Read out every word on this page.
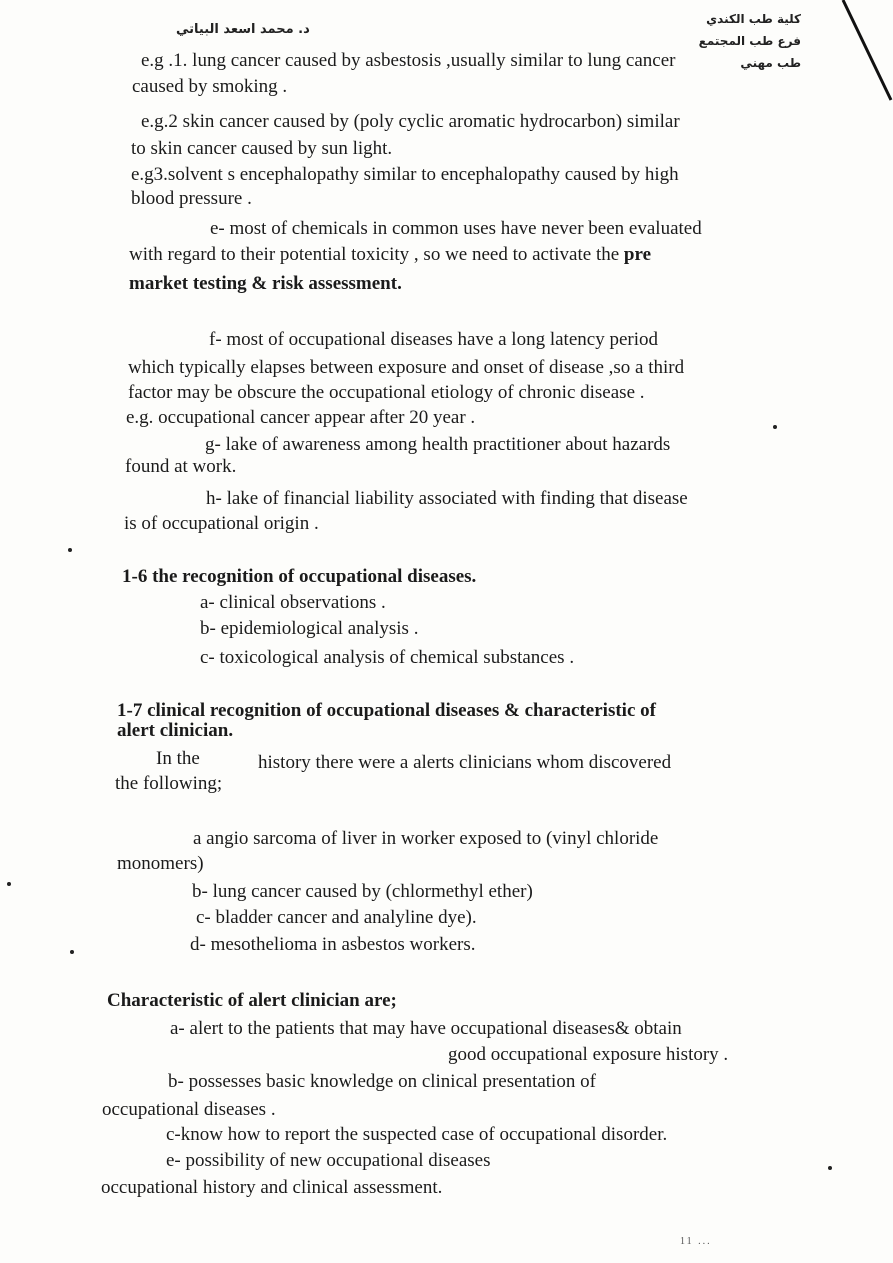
د. محمد اسعد البياتي
كلية طب الكندي
فرع طب المجتمع
طب مهني
e.g .1. lung cancer caused by asbestosis ,usually similar to lung cancer
caused by smoking .
e.g.2 skin cancer caused by (poly cyclic aromatic hydrocarbon) similar
to skin cancer caused by sun light.
e.g3.solvent s encephalopathy similar to encephalopathy caused by high
blood pressure .
e- most of chemicals in common uses have never been evaluated
with regard to their potential toxicity , so we need to activate the pre
market testing & risk assessment.
f- most of occupational diseases have a long latency period
which typically elapses between exposure and onset of disease ,so a third
factor may be obscure the occupational etiology of chronic disease .
e.g. occupational cancer appear after 20 year .
g- lake of awareness among health practitioner about hazards
found at work.
h- lake of financial liability associated with finding that disease
is of occupational origin .
1-6 the recognition of occupational diseases.
a- clinical observations .
b- epidemiological analysis .
c- toxicological analysis of chemical substances .
1-7 clinical recognition of occupational diseases & characteristic of
alert clinician.
In the	history there were a alerts clinicians whom discovered
the following;
a angio sarcoma of liver in worker exposed to (vinyl chloride
monomers)
b- lung cancer caused by (chlormethyl ether)
c- bladder cancer and analyline dye).
d- mesothelioma in asbestos workers.
Characteristic of alert clinician are;
a- alert to the patients that may have occupational diseases& obtain
good occupational exposure history .
b- possesses basic knowledge on clinical presentation of
occupational diseases .
c-know how to report the suspected case of occupational disorder.
e- possibility of new occupational diseases
occupational history and clinical assessment.
11 ...
